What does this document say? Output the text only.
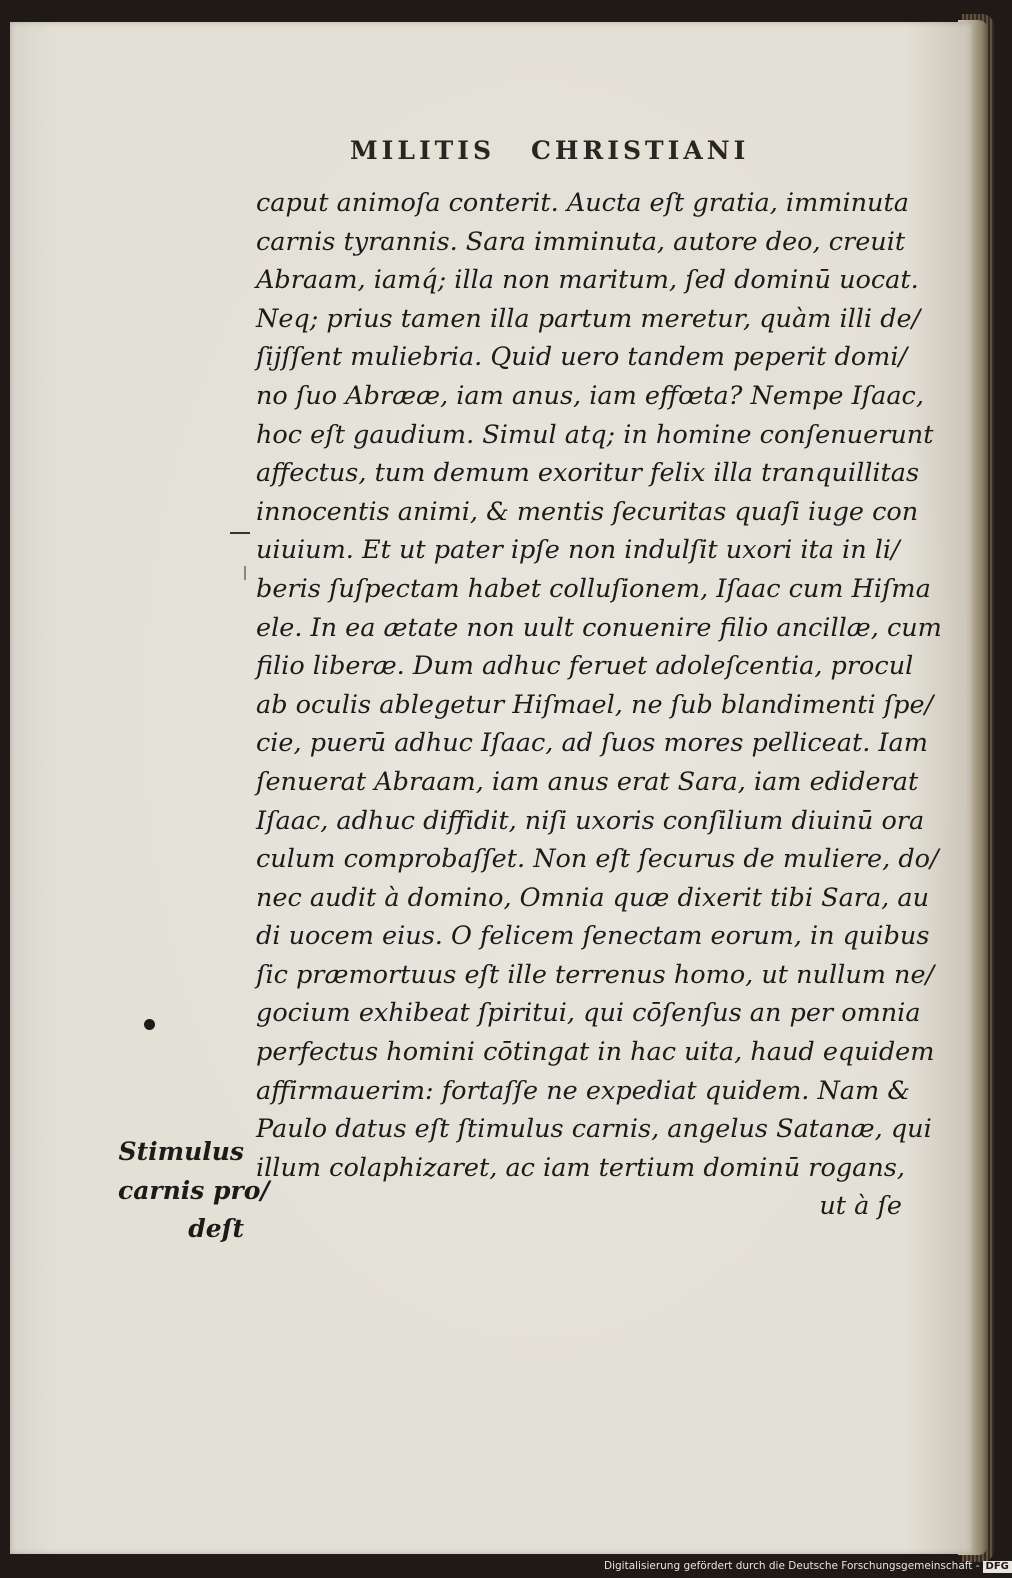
MILITIS CHRISTIANI
caput animoſa conterit. Aucta eſt gratia, imminuta
carnis tyrannis. Sara imminuta, autore deo, creuit
Abraam, iamq́; illa non maritum, ſed dominū uocat.
Neq; prius tamen illa partum meretur, quàm illi de/
ſijſſent muliebria. Quid uero tandem peperit domi/
no ſuo Abrææ, iam anus, iam effœta? Nempe Iſaac,
hoc eſt gaudium. Simul atq; in homine conſenuerunt
affectus, tum demum exoritur felix illa tranquillitas
innocentis animi, & mentis ſecuritas quaſi iuge con
uiuium. Et ut pater ipſe non indulſit uxori ita in li/
beris ſuſpectam habet colluſionem, Iſaac cum Hiſma
ele. In ea ætate non uult conuenire filio ancillæ, cum
filio liberæ. Dum adhuc feruet adoleſcentia, procul
ab oculis ablegetur Hiſmael, ne ſub blandimenti ſpe/
cie, puerū adhuc Iſaac, ad ſuos mores pelliceat. Iam
ſenuerat Abraam, iam anus erat Sara, iam ediderat
Iſaac, adhuc diffidit, niſi uxoris conſilium diuinū ora
culum comprobaſſet. Non eſt ſecurus de muliere, do/
nec audit à domino, Omnia quæ dixerit tibi Sara, au
di uocem eius. O felicem ſenectam eorum, in quibus
ſic præmortuus eſt ille terrenus homo, ut nullum ne/
gocium exhibeat ſpiritui, qui cōſenſus an per omnia
perfectus homini cōtingat in hac uita, haud equidem
affirmauerim: fortaſſe ne expediat quidem. Nam &
Paulo datus eſt ſtimulus carnis, angelus Satanæ, qui
illum colaphizaret, ac iam tertium dominū rogans,
ut à ſe
Stimulus
carnis pro/
deſt
Digitalisierung gefördert durch die Deutsche Forschungsgemeinschaft - DFG
